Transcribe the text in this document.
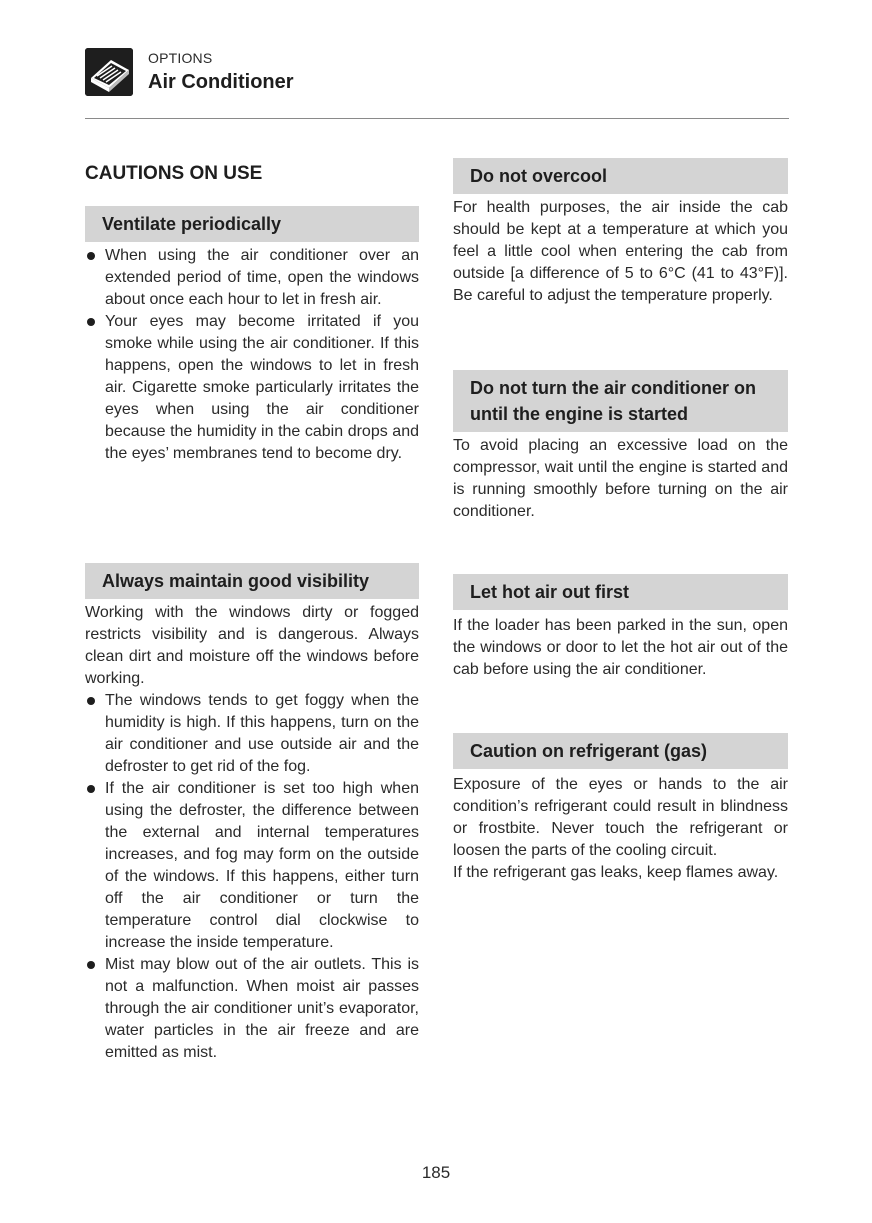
OPTIONS
Air Conditioner
CAUTIONS ON USE
Ventilate periodically
When using the air conditioner over an extended period of time, open the windows about once each hour to let in fresh air.
Your eyes may become irritated if you smoke while using the air conditioner. If this happens, open the windows to let in fresh air. Cigarette smoke particularly irritates the eyes when using the air conditioner because the humidity in the cabin drops and the eyes’ membranes tend to become dry.
Always maintain good visibility

Working with the windows dirty or fogged restricts visibility and is dangerous. Always clean dirt and moisture off the windows before working.

The windows tends to get foggy when the humidity is high. If this happens, turn on the air conditioner and use outside air and the defroster to get rid of the fog.
If the air conditioner is set too high when using the defroster, the difference between the external and internal temperatures increases, and fog may form on the outside of the windows. If this happens, either turn off the air conditioner or turn the temperature control dial clockwise to increase the inside temperature.
Mist may blow out of the air outlets. This is not a malfunction. When moist air passes through the air conditioner unit’s evaporator, water particles in the air freeze and are emitted as mist.
Do not overcool

For health purposes, the air inside the cab should be kept at a temperature at which you feel a little cool when entering the cab from outside [a difference of 5 to 6°C (41 to 43°F)]. Be careful to adjust the temperature properly.

Do not turn the air conditioner on
until the engine is started

To avoid placing an excessive load on the compressor, wait until the engine is started and is running smoothly before turning on the air conditioner.

Let hot air out first

If the loader has been parked in the sun, open the windows or door to let the hot air out of the cab before using the air conditioner.

Caution on refrigerant (gas)

Exposure of the eyes or hands to the air condition’s refrigerant could result in blindness or frostbite. Never touch the refrigerant or loosen the parts of the cooling circuit.

If the refrigerant gas leaks, keep flames away.

185
